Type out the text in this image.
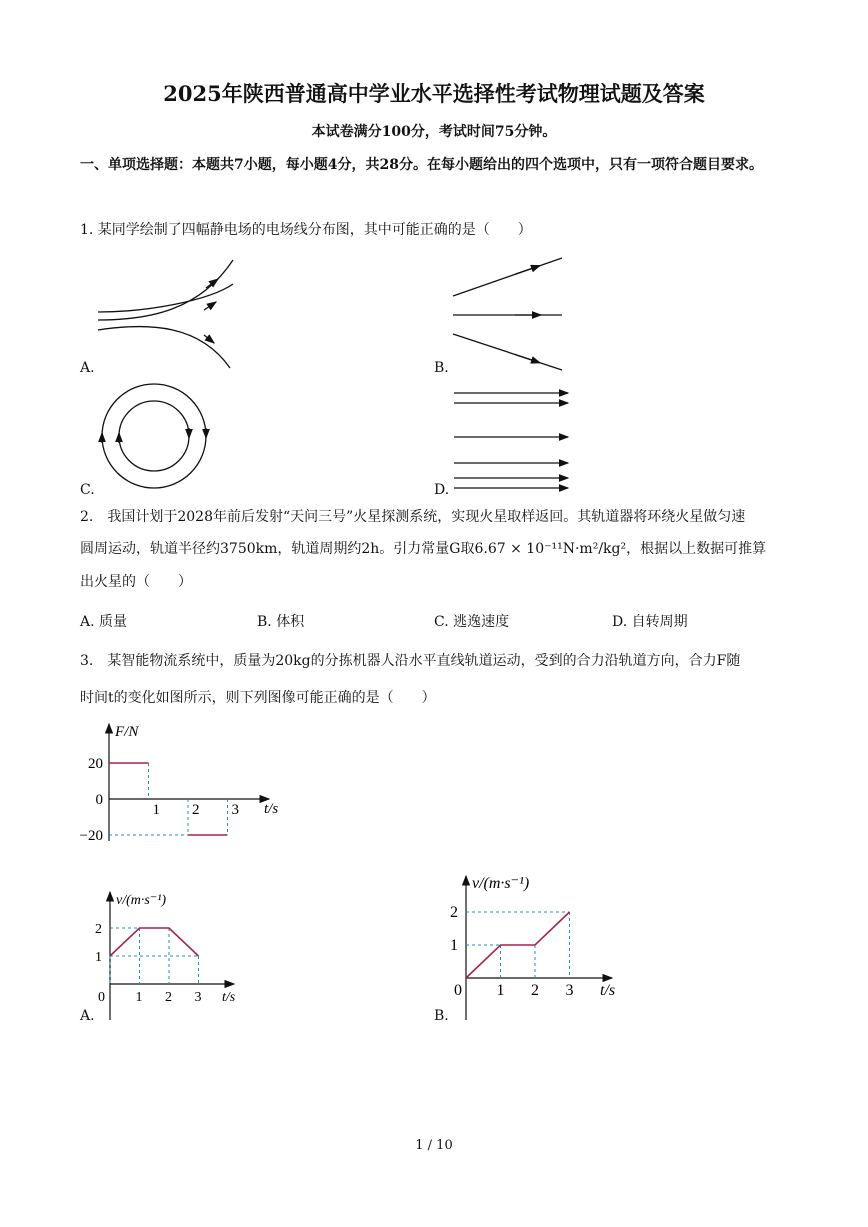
2025年陕西普通高中学业水平选择性考试物理试题及答案
本试卷满分100分，考试时间75分钟。
一、单项选择题：本题共7小题，每小题4分，共28分。在每小题给出的四个选项中，只有一项符合题目要求。
1. 某同学绘制了四幅静电场的电场线分布图，其中可能正确的是（　　）
A.	B.
C.	D.
2.　我国计划于2028年前后发射“天问三号”火星探测系统，实现火星取样返回。其轨道器将环绕火星做匀速
圆周运动，轨道半径约3750km，轨道周期约2h。引力常量G取6.67 × 10⁻¹¹N·m²/kg²，根据以上数据可推算
出火星的（　　）
A. 质量	B. 体积	C. 逃逸速度	D. 自转周期
3.　某智能物流系统中，质量为20kg的分拣机器人沿水平直线轨道运动，受到的合力沿轨道方向，合力F随
时间t的变化如图所示，则下列图像可能正确的是（　　）
F/N
t/s
20
0
−20
1 2 3
v/(m·s⁻¹)
t/s
0 1 2 3
2
1
A.
v/(m·s⁻¹)
t/s
0 1 2 3
2
1
B.
1 / 10
